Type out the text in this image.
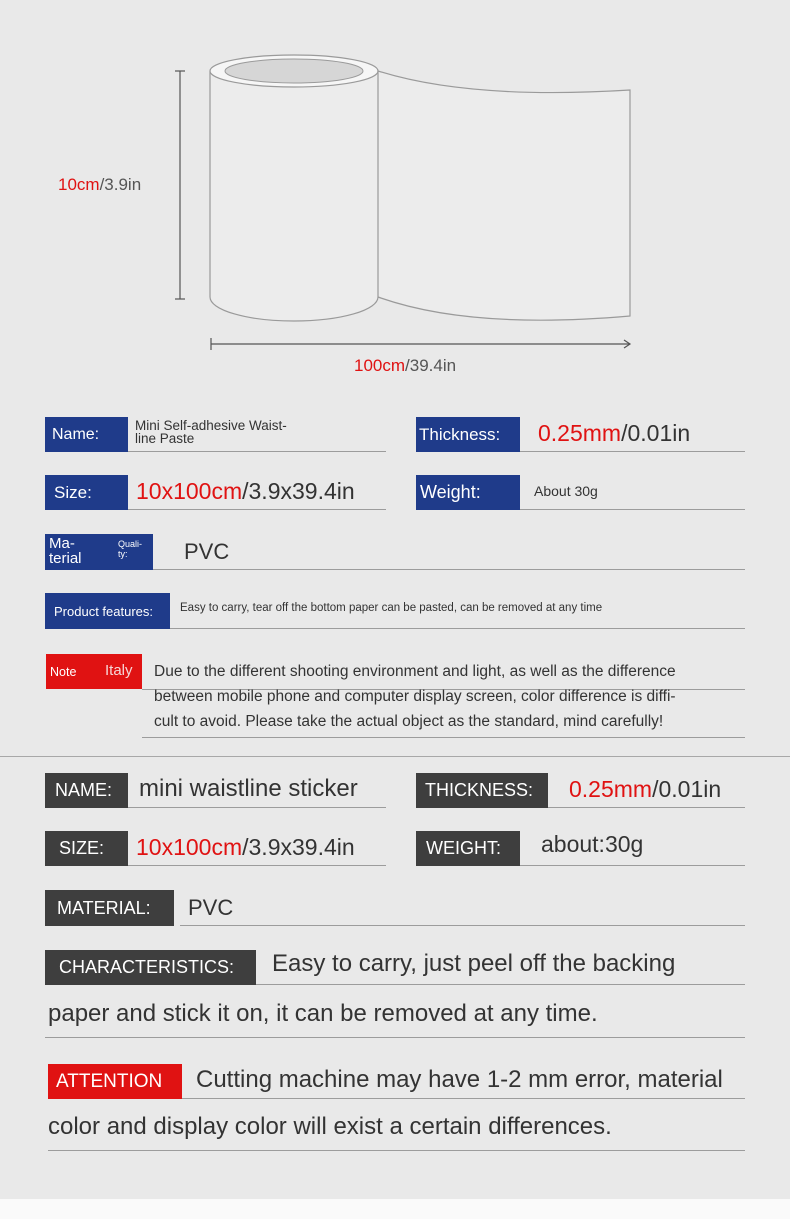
10cm/3.9in
100cm/39.4in
Name:	Mini Self-adhesive Waist-
line Paste	Thickness:	0.25mm/0.01in
Size:	10x100cm/3.9x39.4in	Weight:	About 30g
Ma-
terial
Quali-
ty:	PVC
Product features:	Easy to carry, tear off the bottom paper can be pasted, can be removed at any time
Note Italy Due to the different shooting environment and light, as well as the difference
between mobile phone and computer display screen, color difference is diffi-
cult to avoid. Please take the actual object as the standard, mind carefully!
NAME:	mini waistline sticker	THICKNESS:	0.25mm/0.01in
SIZE:	10x100cm/3.9x39.4in	WEIGHT:	about:30g
MATERIAL:	PVC
CHARACTERISTICS:	Easy to carry, just peel off the backing
paper and stick it on, it can be removed at any time.
ATTENTION	Cutting machine may have 1-2 mm error, material
color and display color will exist a certain differences.
